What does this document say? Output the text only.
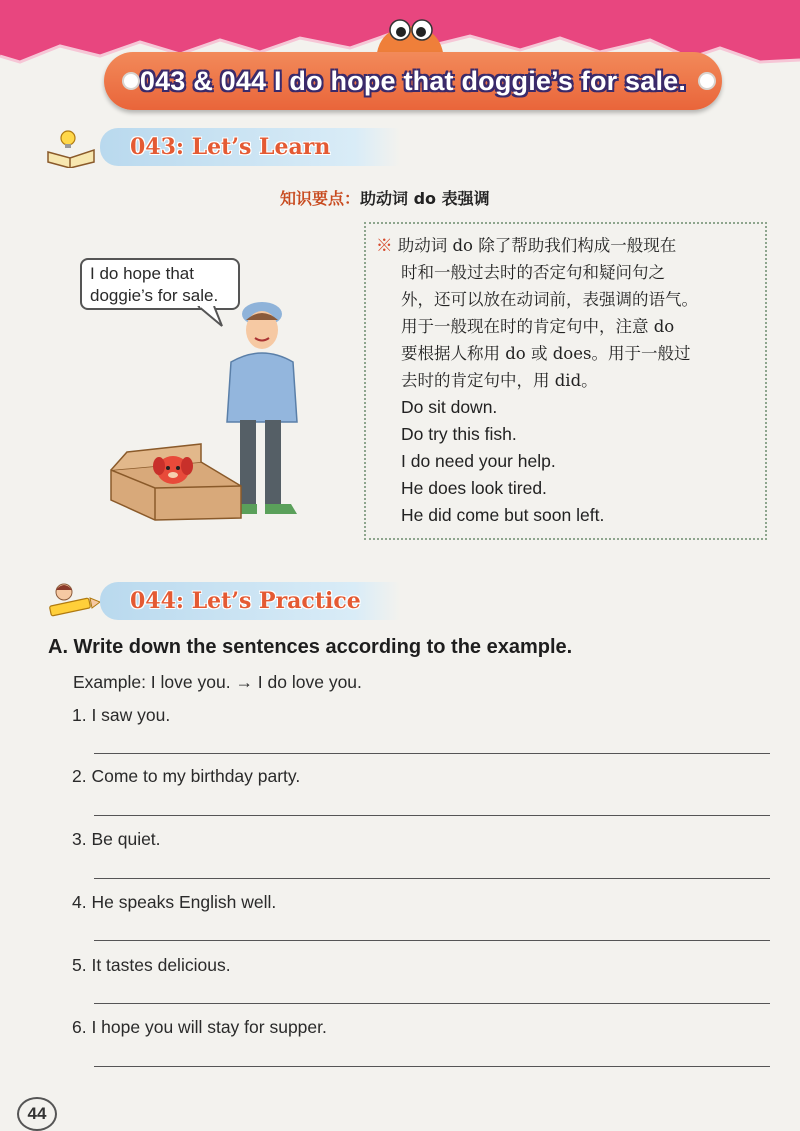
043 & 044 I do hope that doggie’s for sale.
043: Let’s Learn
知识要点：助动词 do 表强调
I do hope that
doggie’s for sale.
※ 助动词 do 除了帮助我们构成一般现在
时和一般过去时的否定句和疑问句之
外，还可以放在动词前，表强调的语气。
用于一般现在时的肯定句中，注意 do
要根据人称用 do 或 does。用于一般过
去时的肯定句中，用 did。
Do sit down.
Do try this fish.
I do need your help.
He does look tired.
He did come but soon left.
044: Let’s Practice
A. Write down the sentences according to the example.
Example: I love you. → I do love you.
1. I saw you.
2. Come to my birthday party.
3. Be quiet.
4. He speaks English well.
5. It tastes delicious.
6. I hope you will stay for supper.
44
